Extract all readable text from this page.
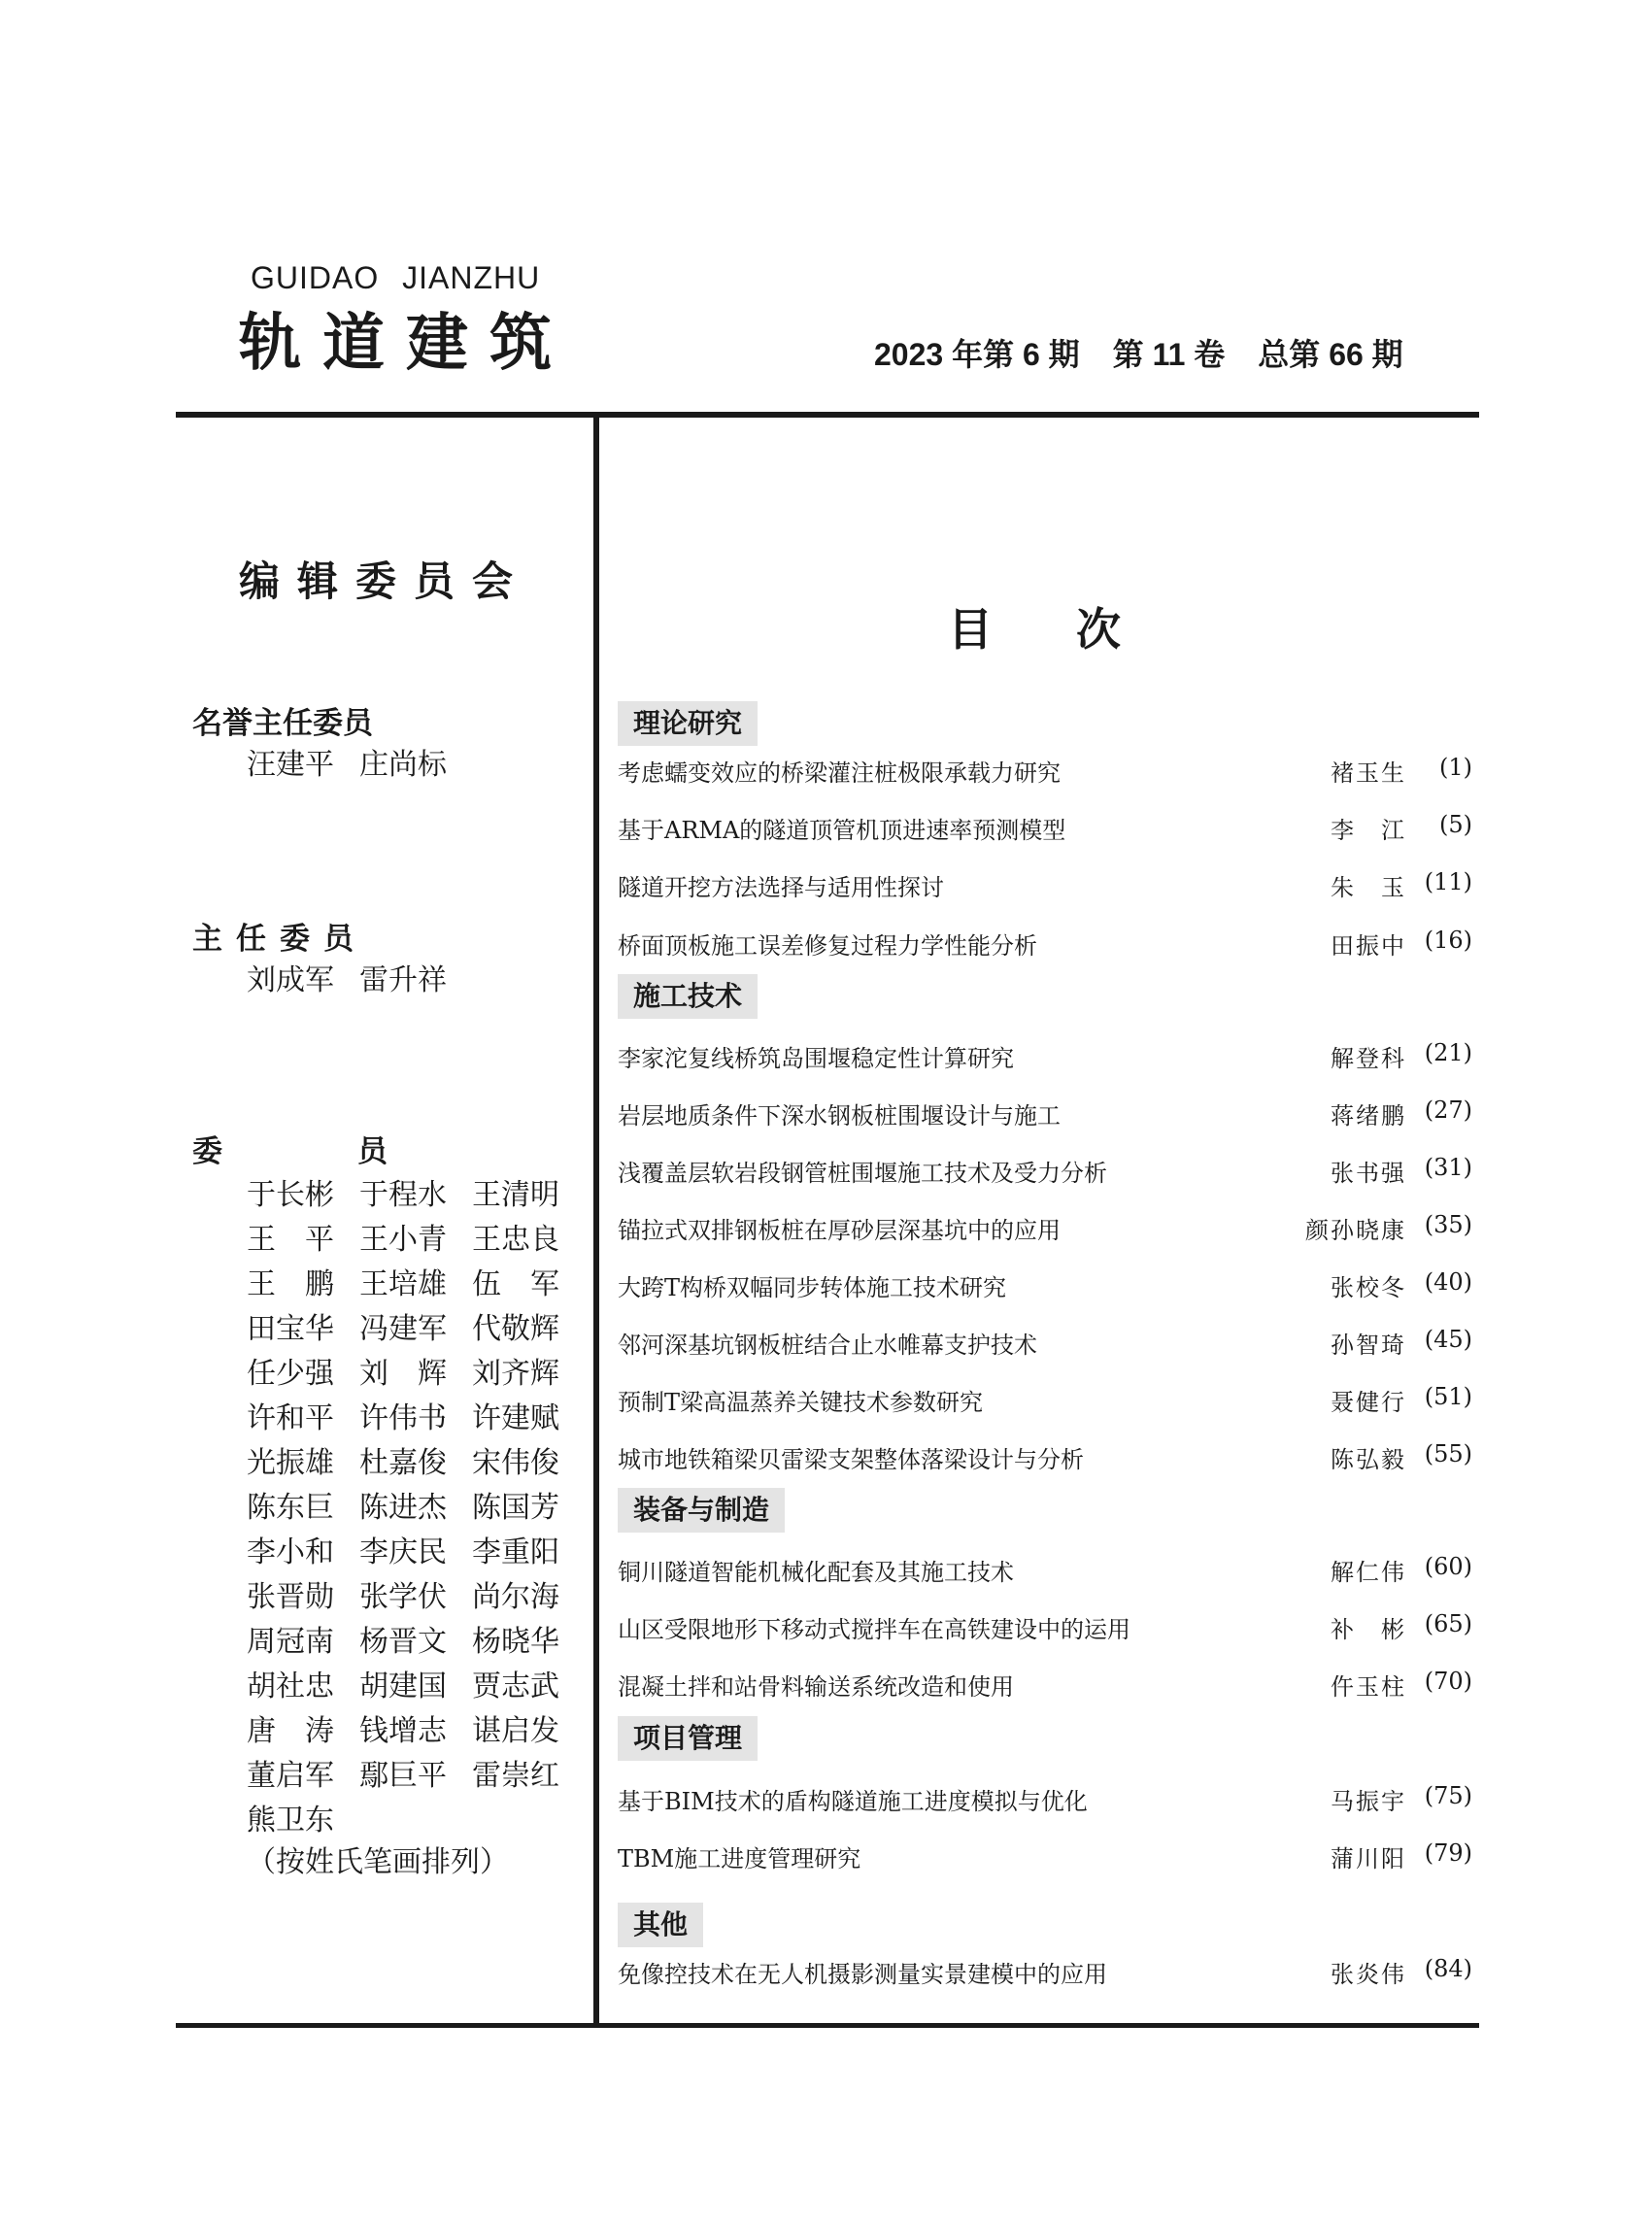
GUIDAO JIANZHU
轨道建筑	2023 年第 6 期 第 11 卷 总第 66 期
编辑委员会
名誉主任委员
汪建平 庄尚标
主任委员
刘成军 雷升祥
委	员
于长彬 于程水 王清明
王　平 王小青 王忠良
王　鹏 王培雄 伍　军
田宝华 冯建军 代敬辉
任少强 刘　辉 刘齐辉
许和平 许伟书 许建赋
光振雄 杜嘉俊 宋伟俊
陈东巨 陈进杰 陈国芳
李小和 李庆民 李重阳
张晋勋 张学伏 尚尔海
周冠南 杨晋文 杨晓华
胡社忠 胡建国 贾志武
唐　涛 钱增志 谌启发
董启军 鄢巨平 雷崇红
熊卫东
（按姓氏笔画排列）
目次
理论研究
考虑蠕变效应的桥梁灌注桩极限承载力研究	褚玉生	(1)
基于ARMA的隧道顶管机顶进速率预测模型	李　江	(5)
隧道开挖方法选择与适用性探讨	朱　玉 (11)
桥面顶板施工误差修复过程力学性能分析	田振中 (16)
施工技术
李家沱复线桥筑岛围堰稳定性计算研究	解登科 (21)
岩层地质条件下深水钢板桩围堰设计与施工	蒋绪鹏 (27)
浅覆盖层软岩段钢管桩围堰施工技术及受力分析	张书强 (31)
锚拉式双排钢板桩在厚砂层深基坑中的应用	颜孙晓康 (35)
大跨T构桥双幅同步转体施工技术研究	张校冬 (40)
邻河深基坑钢板桩结合止水帷幕支护技术	孙智琦 (45)
预制T梁高温蒸养关键技术参数研究	聂健行 (51)
城市地铁箱梁贝雷梁支架整体落梁设计与分析	陈弘毅 (55)
装备与制造
铜川隧道智能机械化配套及其施工技术	解仁伟 (60)
山区受限地形下移动式搅拌车在高铁建设中的运用	补　彬 (65)
混凝土拌和站骨料输送系统改造和使用	仵玉柱 (70)
项目管理
基于BIM技术的盾构隧道施工进度模拟与优化	马振宇 (75)
TBM施工进度管理研究	蒲川阳 (79)
其他
免像控技术在无人机摄影测量实景建模中的应用	张炎伟 (84)
